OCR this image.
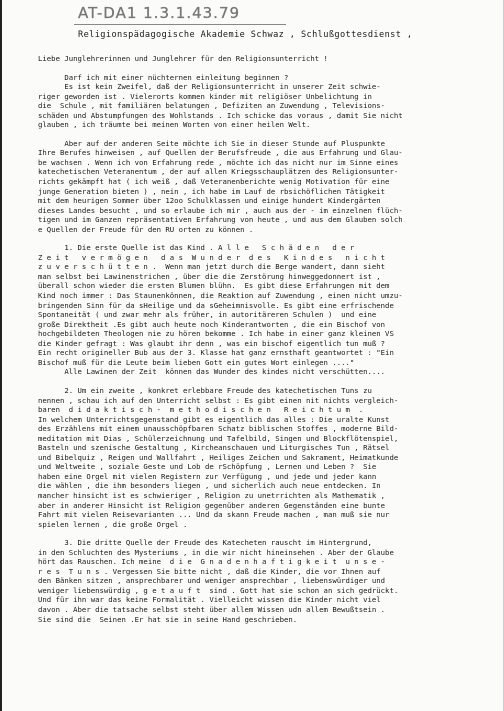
AT-DA1 1.3.1.43.79
Religionspädagogische Akademie Schwaz , Schlußgottesdienst ,
Liebe Junglehrerinnen und Junglehrer für den Religionsunterricht !
Darf ich mit einer nüchternen einleitung beginnen ?
Es ist kein Zweifel, daß der Religionsunterricht in unserer Zeit schwie-
riger geworden ist . Vielerorts kommen kinder mit religiöser Unbelichtung in
die  Schule , mit familiären belatungen , Defiziten an Zuwendung , Televisions-
schäden und Abstumpfungen des Wohlstands . Ich schicke das voraus , damit Sie nicht
glauben , ich träumte bei meinen Worten von einer heilen Welt.
Aber auf der anderen Seite möchte ich Sie in dieser Stunde auf Pluspunkte
Ihre Berufes hinweisen , auf Quellen der Berufsfreude , die aus Erfahrung und Glau-
be wachsen . Wenn ich von Erfahrung rede , möchte ich das nicht nur im Sinne eines
katechetischen Veteranentum , der auf allen Kriegsschauplätzen des Religionsunter-
richts gekämpft hat ( ich weiß , daß Veteranenberichte wenig Motivation für eine
junge Generation bieten ) , nein , ich habe im Lauf de rbsichöflichen Tätigkeit
mit dem heurigen Sommer über 12oo Schulklassen und einige hundert Kindergärten
dieses Landes besucht , und so erlaube ich mir , auch aus der - im einzelnen flüch-
tigen und im Ganzen repräsentativen Erfahrung von heute , und aus dem Glauben solch
e Quellen der Freude für den RU orten zu können .
1. Die erste Quelle ist das Kind . A l l e   S c h ä d e n   d e r
Z e i t   v e r m ö g e n   d a s  W u n d e r  d e s   K i n d e s   n i c h t
z u v e r s c h ü t t e n .  Wenn man jetzt durch die Berge wandert, dann sieht
man selbst bei Lawinenstrichen , über die die Zerstörung hinweggedonnert ist ,
überall schon wieder die ersten Blumen blühn.  Es gibt diese Erfahrungen mit dem
Kind noch immer : Das Staunenkönnen, die Reaktion auf Zuwendung , einen nicht umzu-
bringenden Sinn für da sHeilige und da sGeheimnisvolle. Es gibt eine erfrischende
Spontaneität ( und zwar mehr als früher, in autoritäreren Schulen )  und eine
große Direktheit .Es gibt auch heute noch Kinderantworten , die ein Bischof von
hochgebildeten Theologen nie zu hören bekomme . Ich habe in einer ganz kleinen VS
die Kinder gefragt : Was glaubt ihr denn , was ein bischof eigentlich tun muß ?
Ein recht origineller Bub aus der 3. Klasse hat ganz ernsthaft geantwortet : "Ein
Bischof muß für die Leute beim lieben Gott ein gutes Wort einlegen ...."
Alle Lawinen der Zeit  können das Wunder des kindes nicht verschütten....
2. Um ein zweite , konkret erlebbare Freude des katechetischen Tuns zu
nennen , schau ich auf den Unterricht selbst : Es gibt einen nit nichts vergleich-
baren  d i d a k t i s c h -  m e t h o d i s c h e n   R e i c h t u m  .
In welchem Unterrichtsgegenstand gibt es eigentlich das alles : Die uralte Kunst
des Erzählens mit einem unausschöpfbaren Schatz biblischen Stoffes , moderne Bild-
meditation mit Dias , Schülerzeichnung und Tafelbild, Singen und Blockflötenspiel,
Basteln und szenische Gestaltung , Kircheanschauen und Liturgisches Tun , Rätsel
und Bibelquiz , Reigen und Wallfahrt , Heiliges Zeichen und Sakrament, Heimatkunde
und Weltweite , soziale Geste und Lob de rSchöpfung , Lernen und Leben ?  Sie
haben eine Orgel mit vielen Registern zur Verfügung , und jede und jeder kann
die wählen , die ihm besonders liegen , und sicherlich auch neue entdecken. In
mancher hinsicht ist es schwieriger , Religion zu unetrrichten als Mathematik ,
aber in anderer Hinsicht ist Religion gegenüber anderen Gegenständen eine bunte
Fahrt mit vielen Reisevarianten ... Und da skann Freude machen , man muß sie nur
spielen lernen , die große Orgel .
3. Die dritte Quelle der Freude des Katecheten rauscht im Hintergrund,
in den Schluchten des Mysteriums , in die wir nicht hineinsehen . Aber der Glaube
hört das Rauschen. Ich meine  d i e  G n a d e n h a f t i g k e i t  u n s e -
r e s  T u n s . Vergessen Sie bitte nicht , daß die Kinder, die vor Ihnen auf
den Bänken sitzen , ansprechbarer und weniger ansprechbar , liebenswürdiger und
weniger liebenswürdig , g e t a u f t  sind . Gott hat sie schon an sich gedrückt.
Und für ihn war das keine Formalität . Vielleicht wissen die Kinder nicht viel
davon . Aber die tatsache selbst steht über allem Wissen udn allem Bewußtsein .
Sie sind die  Seinen .Er hat sie in seine Hand geschrieben.
